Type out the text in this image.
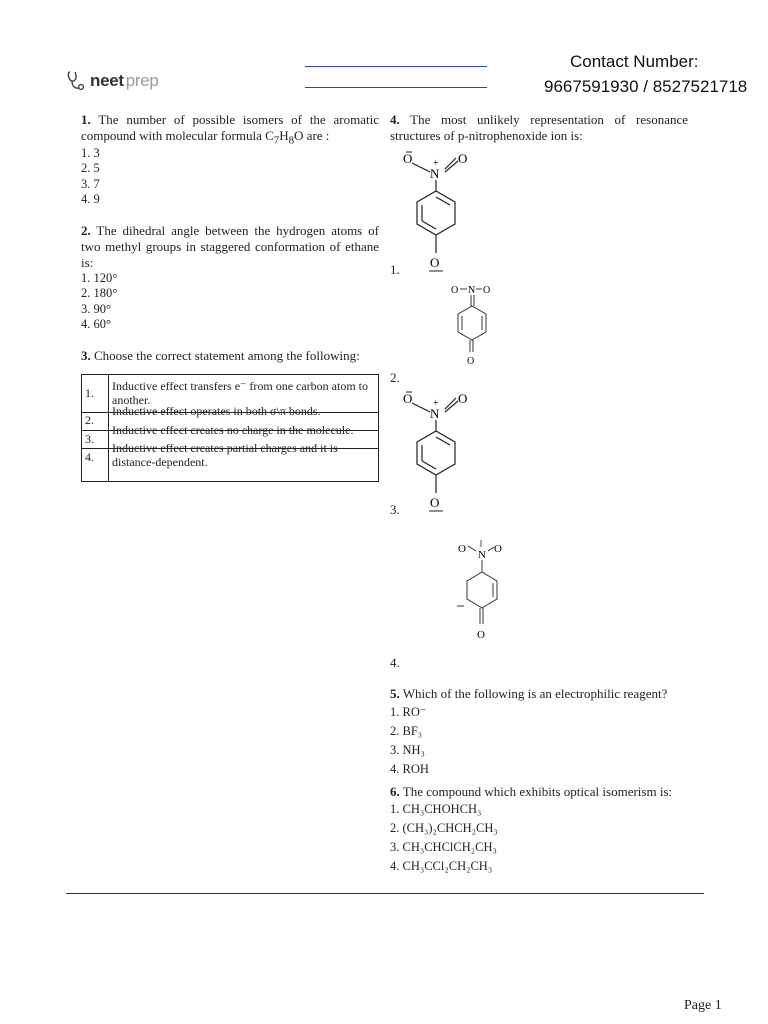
neet prep
Contact Number:
9667591930 / 8527521718

1. The number of possible isomers of the aromatic compound with molecular formula $C_7H_8O$ are :

1. 3
2. 5
3. 7
4. 9

2. The dihedral angle between the hydrogen atoms of two methyl groups in staggered conformation of ethane is:

1. 120°
2. 180°
3. 90°
4. 60°

3. Choose the correct statement among the following:

1. Inductive effect transfers e⁻ from one carbon atom to another.
2.
Inductive effect operates in both σ\π bonds.
3.
Inductive effect creates no charge in the molecule.
4.
Inductive effect creates partial charges and it is distance-dependent.

4. The most unlikely representation of resonance structures of p-nitrophenoxide ion is:

O
N
+ O
O
1.
O N O
O
2.
O
N
+ O
O
3.
O N O
O
4.

5. Which of the following is an electrophilic reagent?

1. RO⁻
2. BF₃
3. NH₃
4. ROH

6. The compound which exhibits optical isomerism is:

1. CH₃CHOHCH₃
2. (CH₃)₂CHCH₂CH₃
3. CH₃CHClCH₂CH₃
4. CH₃CCl₂CH₂CH₃
Page 1
